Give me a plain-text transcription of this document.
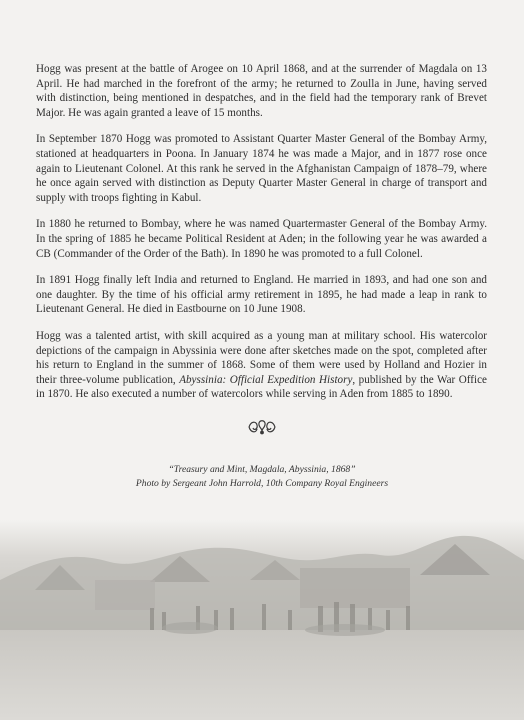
Hogg was present at the battle of Arogee on 10 April 1868, and at the surrender of Magdala on 13 April. He had marched in the forefront of the army; he returned to Zoulla in June, having served with distinction, being mentioned in despatches, and in the field had the temporary rank of Brevet Major. He was again granted a leave of 15 months.

In September 1870 Hogg was promoted to Assistant Quarter Master General of the Bombay Army, stationed at headquarters in Poona. In January 1874 he was made a Major, and in 1877 rose once again to Lieutenant Colonel. At this rank he served in the Afghanistan Campaign of 1878–79, where he once again served with distinction as Deputy Quarter Master General in charge of transport and supply with troops fighting in Kabul.

In 1880 he returned to Bombay, where he was named Quartermaster General of the Bombay Army. In the spring of 1885 he became Political Resident at Aden; in the following year he was awarded a CB (Commander of the Order of the Bath). In 1890 he was promoted to a full Colonel.

In 1891 Hogg finally left India and returned to England. He married in 1893, and had one son and one daughter. By the time of his official army retirement in 1895, he had made a leap in rank to Lieutenant General. He died in Eastbourne on 10 June 1908.

Hogg was a talented artist, with skill acquired as a young man at military school. His watercolor depictions of the campaign in Abyssinia were done after sketches made on the spot, completed after his return to England in the summer of 1868. Some of them were used by Holland and Hozier in their three-volume publication, Abyssinia: Official Expedition History, published by the War Office in 1870. He also executed a number of watercolors while serving in Aden from 1885 to 1890.

“Treasury and Mint, Magdala, Abyssinia, 1868”
Photo by Sergeant John Harrold, 10th Company Royal Engineers
